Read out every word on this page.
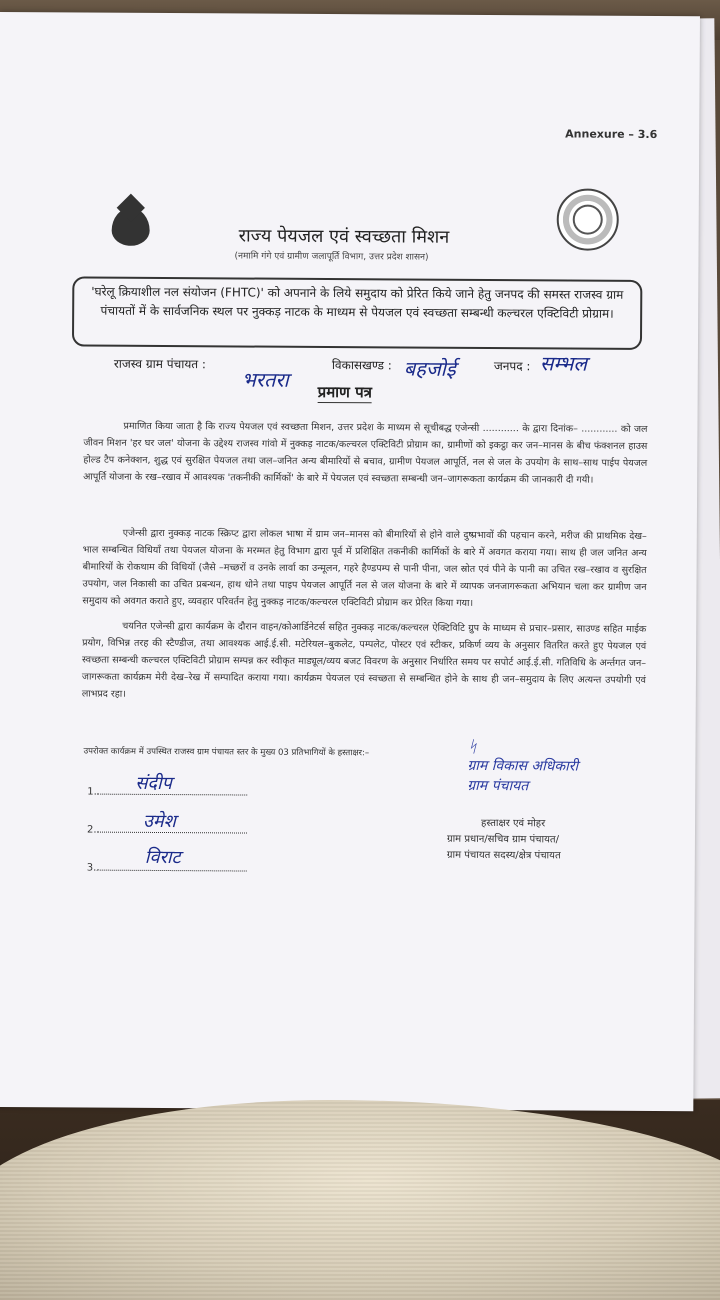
Annexure – 3.6
राज्य पेयजल एवं स्वच्छता मिशन
(नमामि गंगे एवं ग्रामीण जलापूर्ति विभाग, उत्तर प्रदेश शासन)
'घरेलू क्रियाशील नल संयोजन (FHTC)' को अपनाने के लिये समुदाय को प्रेरित किये जाने हेतु जनपद की समस्त राजस्व ग्राम पंचायतों में के सार्वजनिक स्थल पर नुक्कड़ नाटक के माध्यम से पेयजल एवं स्वच्छता सम्बन्धी कल्चरल एक्टिविटी प्रोग्राम।
राजस्व ग्राम पंचायत :
भरतरा
विकासखण्ड : बहजोई	जनपद : सम्भल
प्रमाण पत्र
प्रमाणित किया जाता है कि राज्य पेयजल एवं स्वच्छता मिशन, उत्तर प्रदेश के माध्यम से सूचीबद्ध एजेन्सी ............ के द्वारा दिनांक– ............ को जल जीवन मिशन 'हर घर जल' योजना के उद्देश्य राजस्व गांवो में नुक्कड़ नाटक/कल्चरल एक्टिविटी प्रोग्राम का, ग्रामीणों को इकट्ठा कर जन–मानस के बीच फंक्शनल हाउस होल्ड टैप कनेक्शन, शुद्ध एवं सुरक्षित पेयजल तथा जल–जनित अन्य बीमारियों से बचाव, ग्रामीण पेयजल आपूर्ति, नल से जल के उपयोग के साथ–साथ पाईप पेयजल आपूर्ति योजना के रख–रखाव में आवश्यक 'तकनीकी कार्मिकों' के बारे में पेयजल एवं स्वच्छता सम्बन्धी जन–जागरूकता कार्यक्रम की जानकारी दी गयी।
एजेन्सी द्वारा नुक्कड़ नाटक स्क्रिप्ट द्वारा लोकल भाषा में ग्राम जन–मानस को बीमारियों से होने वाले दुष्प्रभावों की पहचान करने, मरीज की प्राथमिक देख–भाल सम्बन्धित विधियाँ तथा पेयजल योजना के मरम्मत हेतु विभाग द्वारा पूर्व में प्रशिक्षित तकनीकी कार्मिकों के बारे में अवगत कराया गया। साथ ही जल जनित अन्य बीमारियों के रोकथाम की विधियों (जैसे –मच्छरों व उनके लार्वा का उन्मूलन, गहरे हैण्डपम्प से पानी पीना, जल स्रोत एवं पीने के पानी का उचित रख–रखाव व सुरक्षित उपयोग, जल निकासी का उचित प्रबन्धन, हाथ धोने तथा पाइप पेयजल आपूर्ति नल से जल योजना के बारे में व्यापक जनजागरूकता अभियान चला कर ग्रामीण जन समुदाय को अवगत कराते हुए, व्यवहार परिवर्तन हेतु नुक्कड़ नाटक/कल्चरल एक्टिविटी प्रोग्राम कर प्रेरित किया गया।
चयनित एजेन्सी द्वारा कार्यक्रम के दौरान वाहन/कोआर्डिनेटर्स सहित नुक्कड़ नाटक/कल्चरल ऐक्टिविटि ग्रुप के माध्यम से प्रचार–प्रसार, साउण्ड सहित माईक प्रयोग, विभिन्न तरह की स्टैण्डीज, तथा आवश्यक आई.ई.सी. मटेरियल–बुकलेट, पम्पलेट, पोस्टर एवं स्टीकर, प्रकिर्ण व्यय के अनुसार वितरित करते हुए पेयजल एवं स्वच्छता सम्बन्धी कल्चरल एक्टिविटी प्रोग्राम सम्पन्न कर स्वीकृत माड्यूल/व्यय बजट विवरण के अनुसार निर्धारित समय पर सपोर्ट आई.ई.सी. गतिविधि के अर्न्तगत जन–जागरूकता कार्यक्रम मेरी देख–रेख में सम्पादित कराया गया। कार्यक्रम पेयजल एवं स्वच्छता से सम्बन्धित होने के साथ ही जन–समुदाय के लिए अत्यन्त उपयोगी एवं लाभप्रद रहा।
उपरोक्त कार्यक्रम में उपस्थित राजस्व ग्राम पंचायत स्तर के मुख्य 03 प्रतिभागियों के हस्ताक्षर:–
1.	संदीप
2.	उमेश
3.	विराट
ᛋ
ग्राम विकास अधिकारी
ग्राम पंचायत
हस्ताक्षर एवं मोहर
ग्राम प्रधान/सचिव ग्राम पंचायत/
ग्राम पंचायत सदस्य/क्षेत्र पंचायत
